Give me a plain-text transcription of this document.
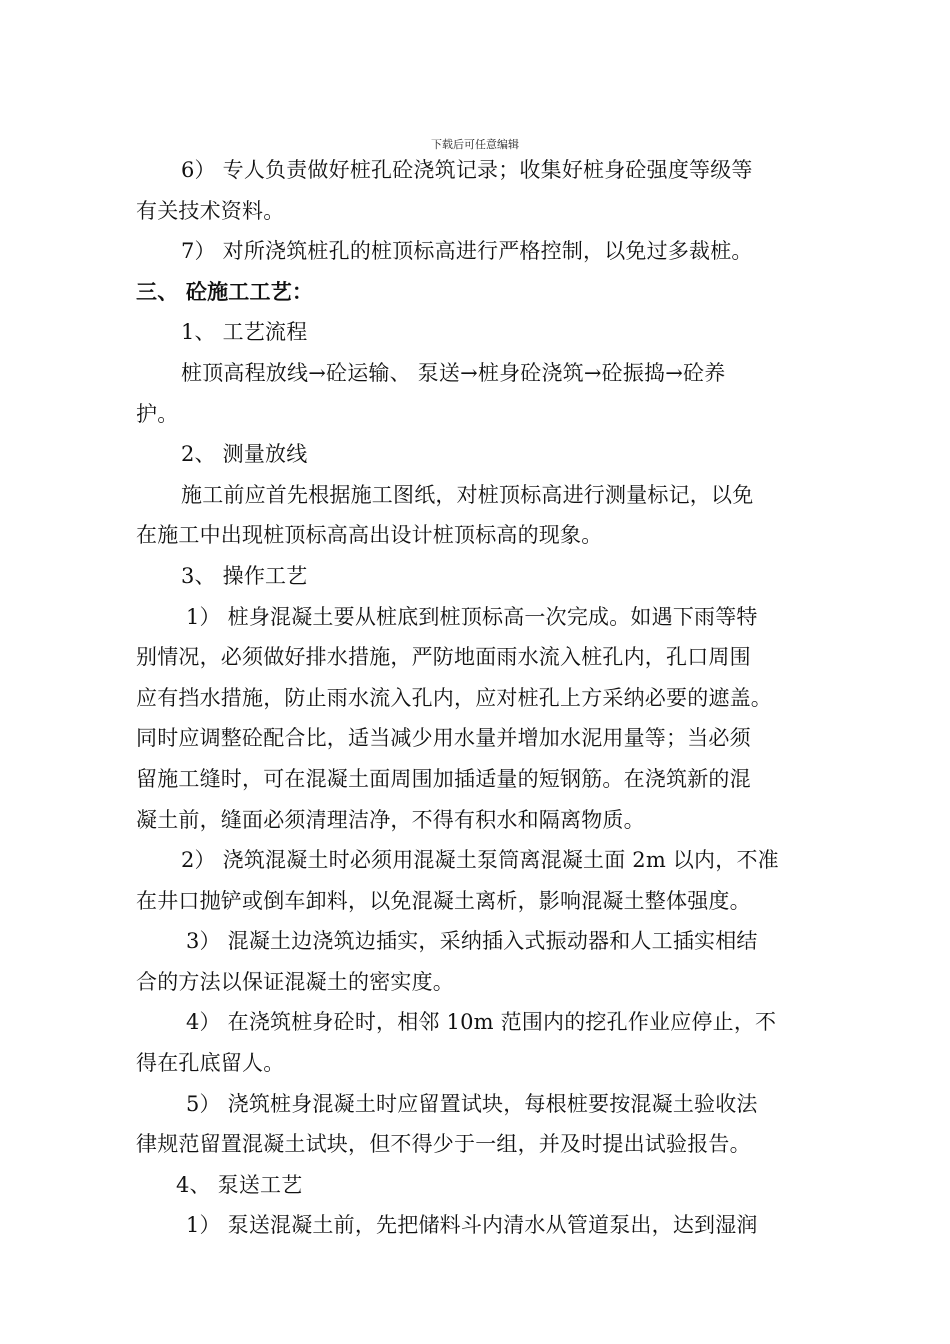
下载后可任意编辑

6） 专人负责做好桩孔砼浇筑记录；收集好桩身砼强度等级等

有关技术资料。

7） 对所浇筑桩孔的桩顶标高进行严格控制，以免过多裁桩。

三、 砼施工工艺：

1、 工艺流程

桩顶高程放线→砼运输、 泵送→桩身砼浇筑→砼振捣→砼养

护。

2、 测量放线

施工前应首先根据施工图纸，对桩顶标高进行测量标记，以免

在施工中出现桩顶标高高出设计桩顶标高的现象。

3、 操作工艺

1） 桩身混凝土要从桩底到桩顶标高一次完成。如遇下雨等特

别情况，必须做好排水措施，严防地面雨水流入桩孔内，孔口周围

应有挡水措施，防止雨水流入孔内，应对桩孔上方采纳必要的遮盖。

同时应调整砼配合比，适当减少用水量并增加水泥用量等；当必须

留施工缝时，可在混凝土面周围加插适量的短钢筋。在浇筑新的混

凝土前，缝面必须清理洁净，不得有积水和隔离物质。

2） 浇筑混凝土时必须用混凝土泵筒离混凝土面 2m 以内，不准

在井口抛铲或倒车卸料，以免混凝土离析，影响混凝土整体强度。

3） 混凝土边浇筑边插实，采纳插入式振动器和人工插实相结

合的方法以保证混凝土的密实度。

4） 在浇筑桩身砼时，相邻 10m 范围内的挖孔作业应停止，不

得在孔底留人。

5） 浇筑桩身混凝土时应留置试块，每根桩要按混凝土验收法

律规范留置混凝土试块，但不得少于一组，并及时提出试验报告。

4、 泵送工艺

1） 泵送混凝土前，先把储料斗内清水从管道泵出，达到湿润
